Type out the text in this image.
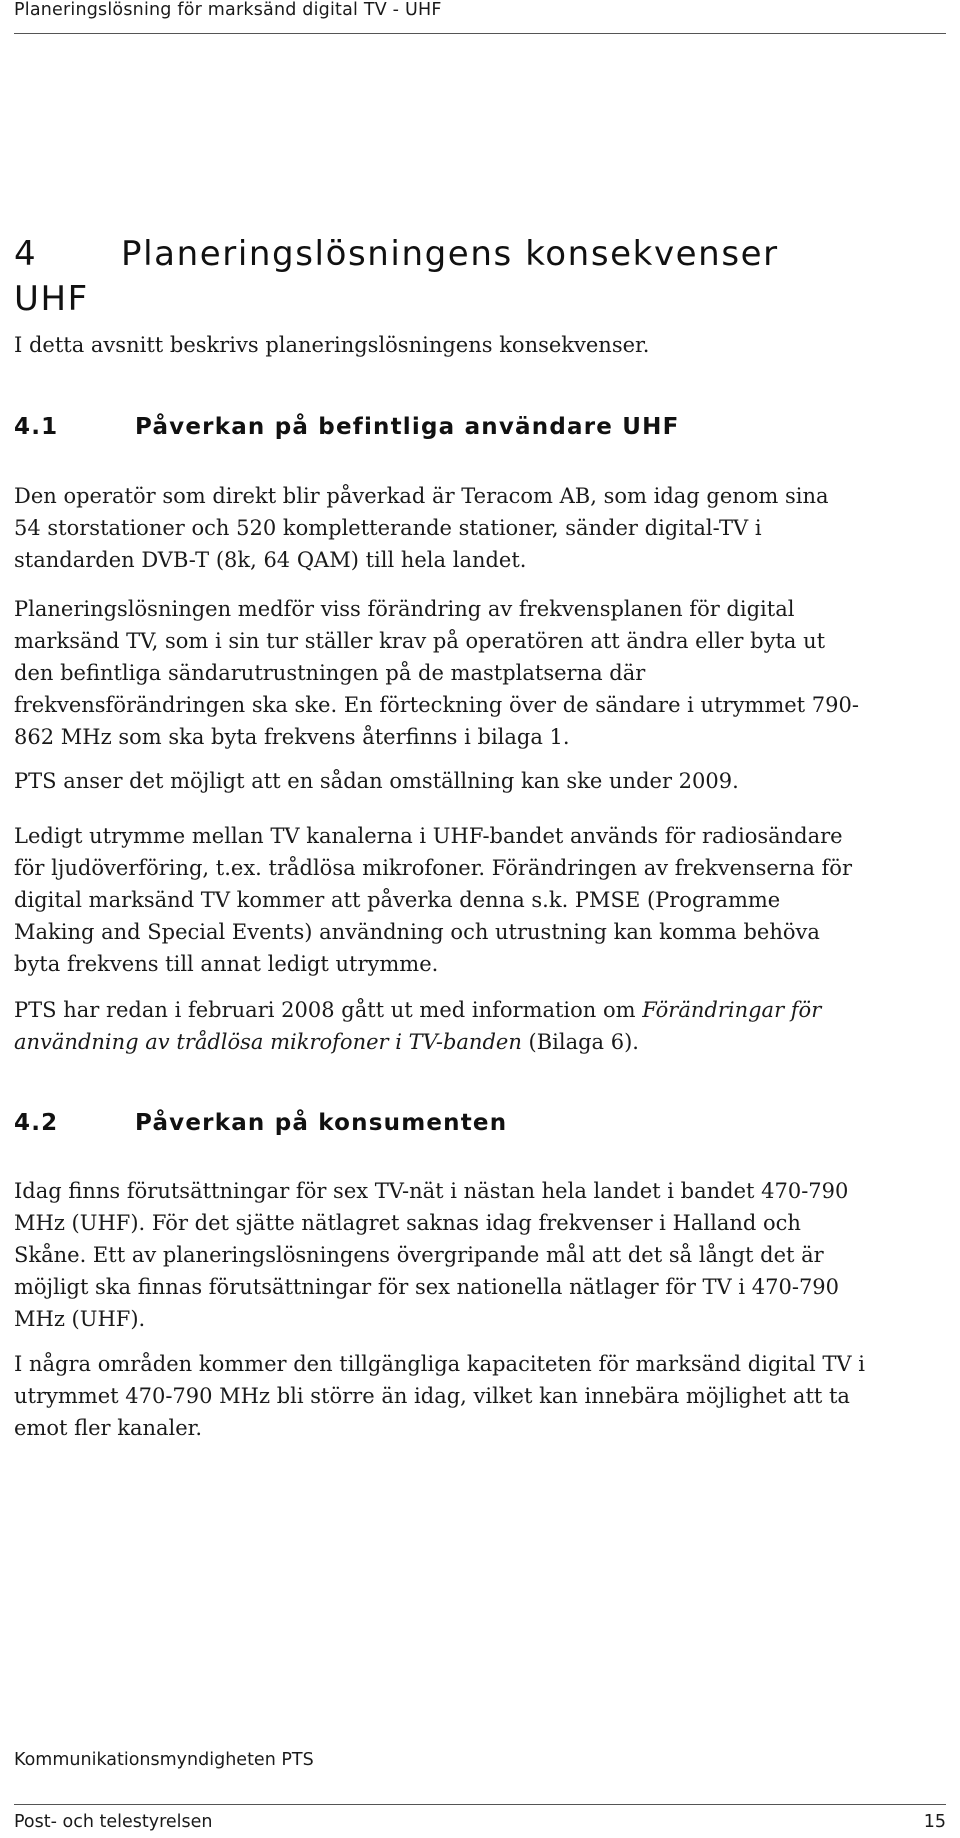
Planeringslösning för marksänd digital TV - UHF
4 Planeringslösningens konsekvenser
UHF

I detta avsnitt beskrivs planeringslösningens konsekvenser.

4.1	Påverkan på befintliga användare UHF

Den operatör som direkt blir påverkad är Teracom AB, som idag genom sina
54 storstationer och 520 kompletterande stationer, sänder digital-TV i
standarden DVB-T (8k, 64 QAM) till hela landet.

Planeringslösningen medför viss förändring av frekvensplanen för digital
marksänd TV, som i sin tur ställer krav på operatören att ändra eller byta ut
den befintliga sändarutrustningen på de mastplatserna där
frekvensförändringen ska ske. En förteckning över de sändare i utrymmet 790-
862 MHz som ska byta frekvens återfinns i bilaga 1.

PTS anser det möjligt att en sådan omställning kan ske under 2009.

Ledigt utrymme mellan TV kanalerna i UHF-bandet används för radiosändare
för ljudöverföring, t.ex. trådlösa mikrofoner. Förändringen av frekvenserna för
digital marksänd TV kommer att påverka denna s.k. PMSE (Programme
Making and Special Events) användning och utrustning kan komma behöva
byta frekvens till annat ledigt utrymme.

PTS har redan i februari 2008 gått ut med information om Förändringar för
användning av trådlösa mikrofoner i TV-banden (Bilaga 6).

4.2	Påverkan på konsumenten

Idag finns förutsättningar för sex TV-nät i nästan hela landet i bandet 470-790
MHz (UHF). För det sjätte nätlagret saknas idag frekvenser i Halland och
Skåne. Ett av planeringslösningens övergripande mål att det så långt det är
möjligt ska finnas förutsättningar för sex nationella nätlager för TV i 470-790
MHz (UHF).

I några områden kommer den tillgängliga kapaciteten för marksänd digital TV i
utrymmet 470-790 MHz bli större än idag, vilket kan innebära möjlighet att ta
emot fler kanaler.

Kommunikationsmyndigheten PTS
Post- och telestyrelsen	15
